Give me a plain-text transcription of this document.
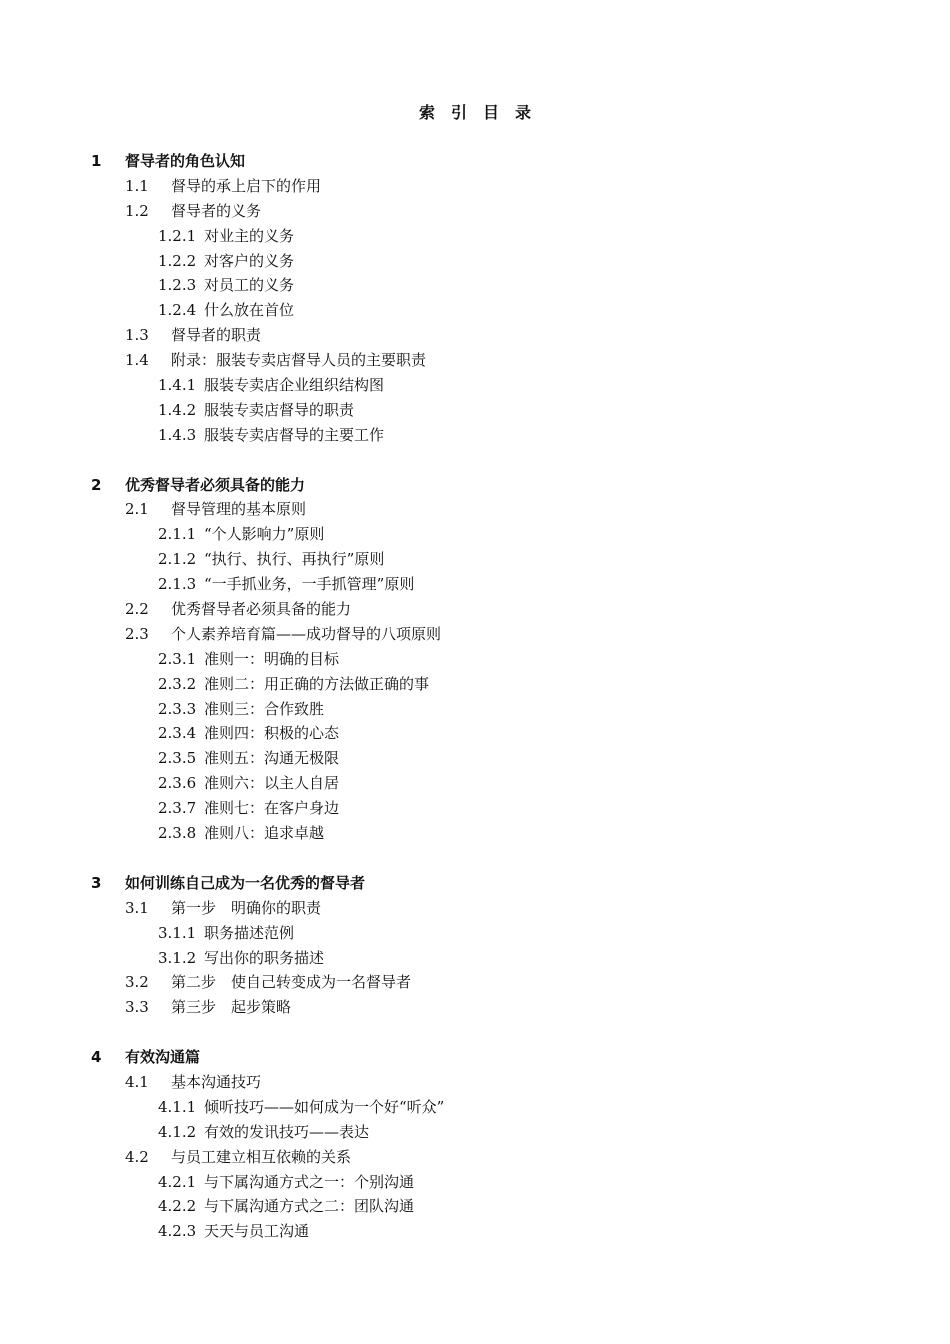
索　引　目　录
1 督导者的角色认知
1.1 督导的承上启下的作用
1.2 督导者的义务
1.2.1 对业主的义务
1.2.2 对客户的义务
1.2.3 对员工的义务
1.2.4 什么放在首位
1.3 督导者的职责
1.4 附录：服装专卖店督导人员的主要职责
1.4.1 服装专卖店企业组织结构图
1.4.2 服装专卖店督导的职责
1.4.3 服装专卖店督导的主要工作
2 优秀督导者必须具备的能力
2.1 督导管理的基本原则
2.1.1 “个人影响力”原则
2.1.2 “执行、执行、再执行”原则
2.1.3 “一手抓业务，一手抓管理”原则
2.2 优秀督导者必须具备的能力
2.3 个人素养培育篇——成功督导的八项原则
2.3.1 准则一：明确的目标
2.3.2 准则二：用正确的方法做正确的事
2.3.3 准则三：合作致胜
2.3.4 准则四：积极的心态
2.3.5 准则五：沟通无极限
2.3.6 准则六：以主人自居
2.3.7 准则七：在客户身边
2.3.8 准则八：追求卓越
3 如何训练自己成为一名优秀的督导者
3.1 第一步　明确你的职责
3.1.1 职务描述范例
3.1.2 写出你的职务描述
3.2 第二步　使自己转变成为一名督导者
3.3 第三步　起步策略
4 有效沟通篇
4.1 基本沟通技巧
4.1.1 倾听技巧——如何成为一个好“听众”
4.1.2 有效的发讯技巧——表达
4.2 与员工建立相互依赖的关系
4.2.1 与下属沟通方式之一：个别沟通
4.2.2 与下属沟通方式之二：团队沟通
4.2.3 天天与员工沟通
